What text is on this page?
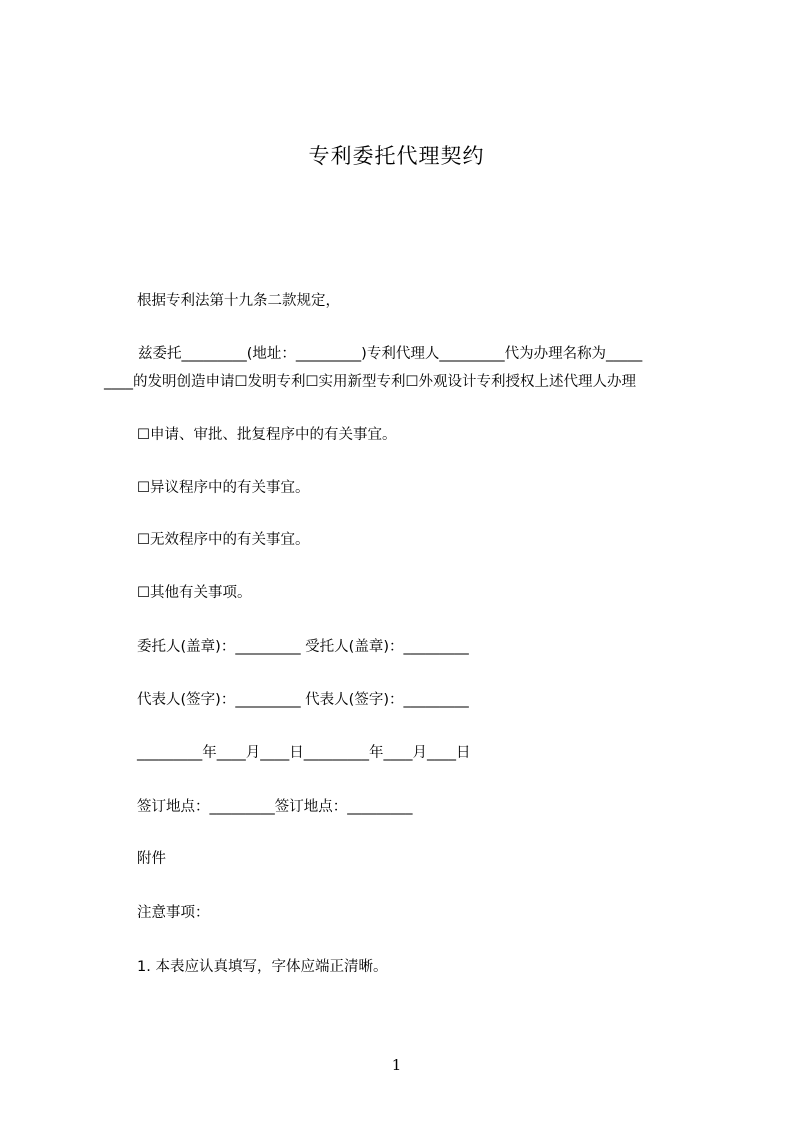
专利委托代理契约
根据专利法第十九条二款规定，
兹委托_________(地址：_________)专利代理人_________代为办理名称为_____
____的发明创造申请☐发明专利☐实用新型专利☐外观设计专利授权上述代理人办理
☐申请、审批、批复程序中的有关事宜。
☐异议程序中的有关事宜。
☐无效程序中的有关事宜。
☐其他有关事项。
委托人(盖章)：_________ 受托人(盖章)：_________
代表人(签字)：_________ 代表人(签字)：_________
_________年____月____日_________年____月____日
签订地点：_________签订地点：_________
附件
注意事项：
1. 本表应认真填写，字体应端正清晰。
1
